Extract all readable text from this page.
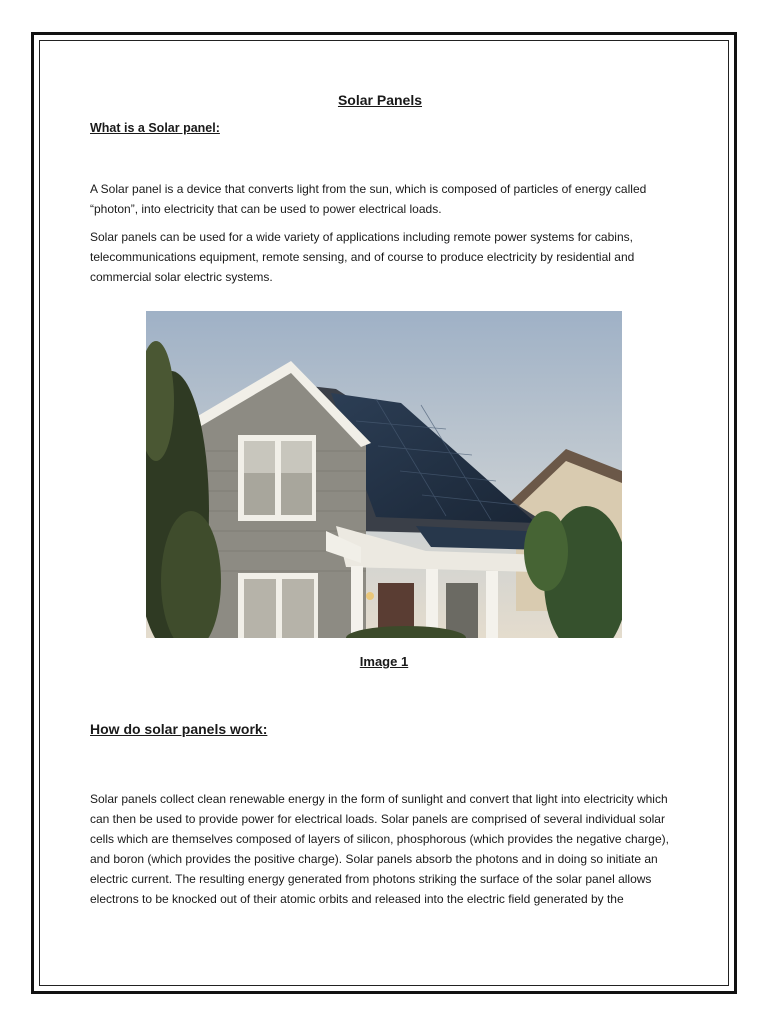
Solar Panels

What is a Solar panel:

A Solar panel is a device that converts light from the sun, which is composed of particles of energy called “photon”, into electricity that can be used to power electrical loads.

Solar panels can be used for a wide variety of applications including remote power systems for cabins, telecommunications equipment, remote sensing, and of course to produce electricity by residential and commercial solar electric systems.

Image 1

How do solar panels work:

Solar panels collect clean renewable energy in the form of sunlight and convert that light into electricity which can then be used to provide power for electrical loads. Solar panels are comprised of several individual solar cells which are themselves composed of layers of silicon, phosphorous (which provides the negative charge), and boron (which provides the positive charge). Solar panels absorb the photons and in doing so initiate an electric current. The resulting energy generated from photons striking the surface of the solar panel allows electrons to be knocked out of their atomic orbits and released into the electric field generated by the
